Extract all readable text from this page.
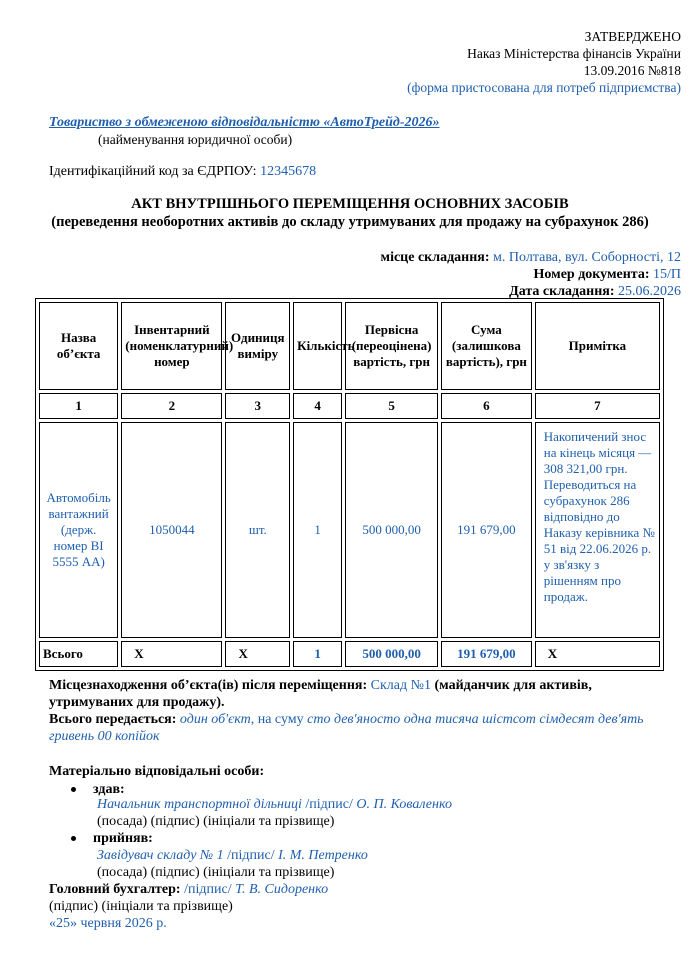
ЗАТВЕРДЖЕНО
Наказ Міністерства фінансів України
13.09.2016 №818
(форма пристосована для потреб підприємства)
Товариство з обмеженою відповідальністю «АвтоТрейд-2026»
(найменування юридичної особи)
Ідентифікаційний код за ЄДРПОУ: 12345678
АКТ ВНУТРІШНЬОГО ПЕРЕМІЩЕННЯ ОСНОВНИХ ЗАСОБІВ
(переведення необоротних активів до складу утримуваних для продажу на субрахунок 286)
місце складання: м. Полтава, вул. Соборності, 12
Номер документа: 15/П
Дата складання: 25.06.2026
Назва об’єкта	Інвентарний (номенклатурний) номер	Одиниця виміру	Кількість	Первісна (переоцінена) вартість, грн	Сума (залишкова вартість), грн	Примітка
1	2	3	4	5	6	7
Автомобіль вантажний (держ. номер ВІ 5555 АА)	1050044	шт.	1	500 000,00	191 679,00	Накопичений знос на кінець місяця — 308 321,00 грн. Переводиться на субрахунок 286 відповідно до Наказу керівника № 51 від 22.06.2026 р. у зв'язку з рішенням про продаж.
Всього	Х	Х	1	500 000,00	191 679,00	Х
Місцезнаходження об’єкта(ів) після переміщення: Склад №1 (майданчик для активів, утримуваних для продажу).
Всього передається: один об'єкт, на суму сто дев'яносто одна тисяча шістсот сімдесят дев'ять гривень 00 копійок
Матеріально відповідальні особи:
здав:
Начальник транспортної дільниці /підпис/ О. П. Коваленко
(посада) (підпис) (ініціали та прізвище)
прийняв:
Завідувач складу № 1 /підпис/ І. М. Петренко
(посада) (підпис) (ініціали та прізвище)
Головний бухгалтер: /підпис/ Т. В. Сидоренко
(підпис) (ініціали та прізвище)
«25» червня 2026 р.
